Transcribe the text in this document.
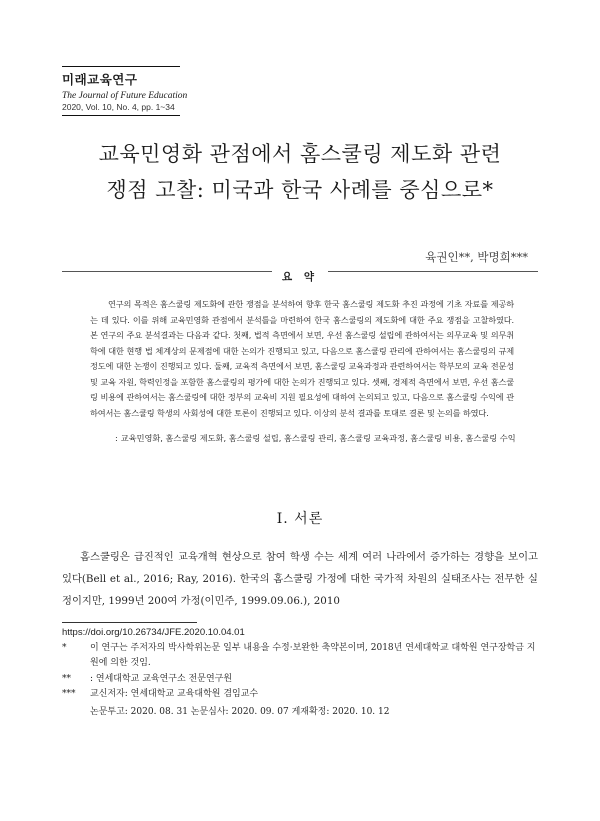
미래교육연구
The Journal of Future Education
2020, Vol. 10, No. 4, pp. 1~34
교육민영화 관점에서 홈스쿨링 제도화 관련
쟁점 고찰: 미국과 한국 사례를 중심으로*
육권인**, 박명희***
요 약
연구의 목적은 홈스쿨링 제도화에 관한 쟁점을 분석하여 향후 한국 홈스쿨링 제도화 추진 과정에 기초 자료를 제공하는 데 있다. 이를 위해 교육민영화 관점에서 분석틀을 마련하여 한국 홈스쿨링의 제도화에 대한 주요 쟁점을 고찰하였다. 본 연구의 주요 분석결과는 다음과 같다. 첫째, 법적 측면에서 보면, 우선 홈스쿨링 설립에 관하여서는 의무교육 및 의무취학에 대한 현행 법 체계상의 문제점에 대한 논의가 진행되고 있고, 다음으로 홈스쿨링 관리에 관하여서는 홈스쿨링의 규제 정도에 대한 논쟁이 진행되고 있다. 둘째, 교육적 측면에서 보면, 홈스쿨링 교육과정과 관련하여서는 학부모의 교육 전문성 및 교육 자원, 학력인정을 포함한 홈스쿨링의 평가에 대한 논의가 진행되고 있다. 셋째, 경제적 측면에서 보면, 우선 홈스쿨링 비용에 관하여서는 홈스쿨링에 대한 정부의 교육비 지원 필요성에 대하여 논의되고 있고, 다음으로 홈스쿨링 수익에 관하여서는 홈스쿨링 학생의 사회성에 대한 토론이 진행되고 있다. 이상의 분석 결과를 토대로 결론 및 논의를 하였다.
: 교육민영화, 홈스쿨링 제도화, 홈스쿨링 설립, 홈스쿨링 관리, 홈스쿨링 교육과정, 홈스쿨링 비용, 홈스쿨링 수익
Ⅰ. 서론
홈스쿨링은 급진적인 교육개혁 현상으로 참여 학생 수는 세계 여러 나라에서 증가하는 경향을 보이고 있다(Bell et al., 2016; Ray, 2016). 한국의 홈스쿨링 가정에 대한 국가적 차원의 실태조사는 전무한 실정이지만, 1999년 200여 가정(이민주, 1999.09.06.), 2010
https://doi.org/10.26734/JFE.2020.10.04.01
*	이 연구는 주저자의 박사학위논문 일부 내용을 수정·보완한 축약본이며, 2018년 연세대학교 대학원 연구장학금 지원에 의한 것임.
**	: 연세대학교 교육연구소 전문연구원
***	교신저자: 연세대학교 교육대학원 겸임교수
논문투고: 2020. 08. 31 논문심사: 2020. 09. 07 게재확정: 2020. 10. 12
